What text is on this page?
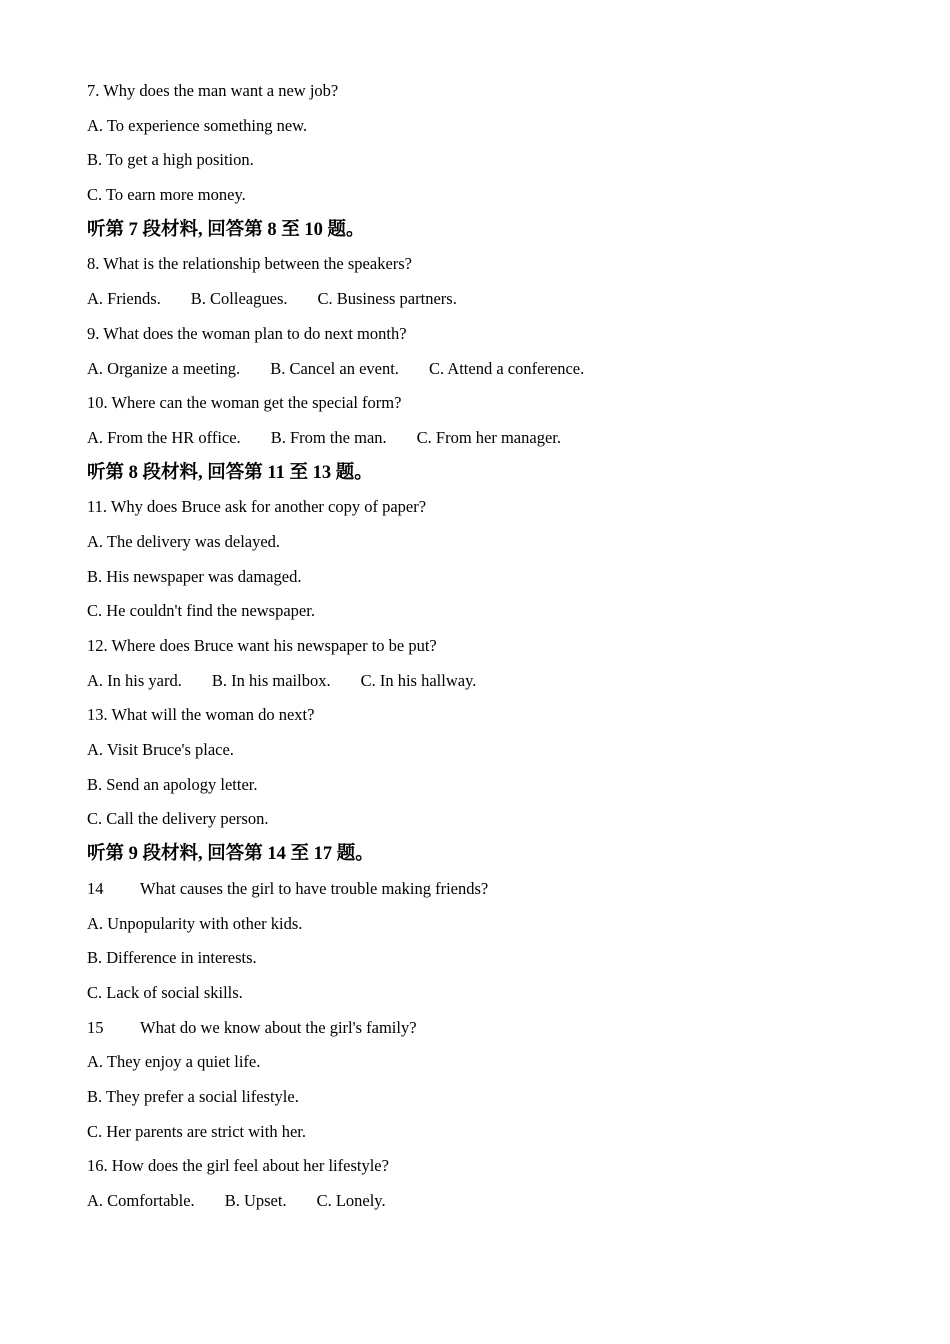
7. Why does the man want a new job?
A. To experience something new.
B. To get a high position.
C. To earn more money.
听第 7 段材料, 回答第 8 至 10 题。
8. What is the relationship between the speakers?
A. Friends. B. Colleagues. C. Business partners.
9. What does the woman plan to do next month?
A. Organize a meeting. B. Cancel an event. C. Attend a conference.
10. Where can the woman get the special form?
A. From the HR office. B. From the man. C. From her manager.
听第 8 段材料, 回答第 11 至 13 题。
11. Why does Bruce ask for another copy of paper?
A. The delivery was delayed.
B. His newspaper was damaged.
C. He couldn't find the newspaper.
12. Where does Bruce want his newspaper to be put?
A. In his yard. B. In his mailbox. C. In his hallway.
13. What will the woman do next?
A. Visit Bruce's place.
B. Send an apology letter.
C. Call the delivery person.
听第 9 段材料, 回答第 14 至 17 题。
14 What causes the girl to have trouble making friends?
A. Unpopularity with other kids.
B. Difference in interests.
C. Lack of social skills.
15 What do we know about the girl's family?
A. They enjoy a quiet life.
B. They prefer a social lifestyle.
C. Her parents are strict with her.
16. How does the girl feel about her lifestyle?
A. Comfortable. B. Upset. C. Lonely.
